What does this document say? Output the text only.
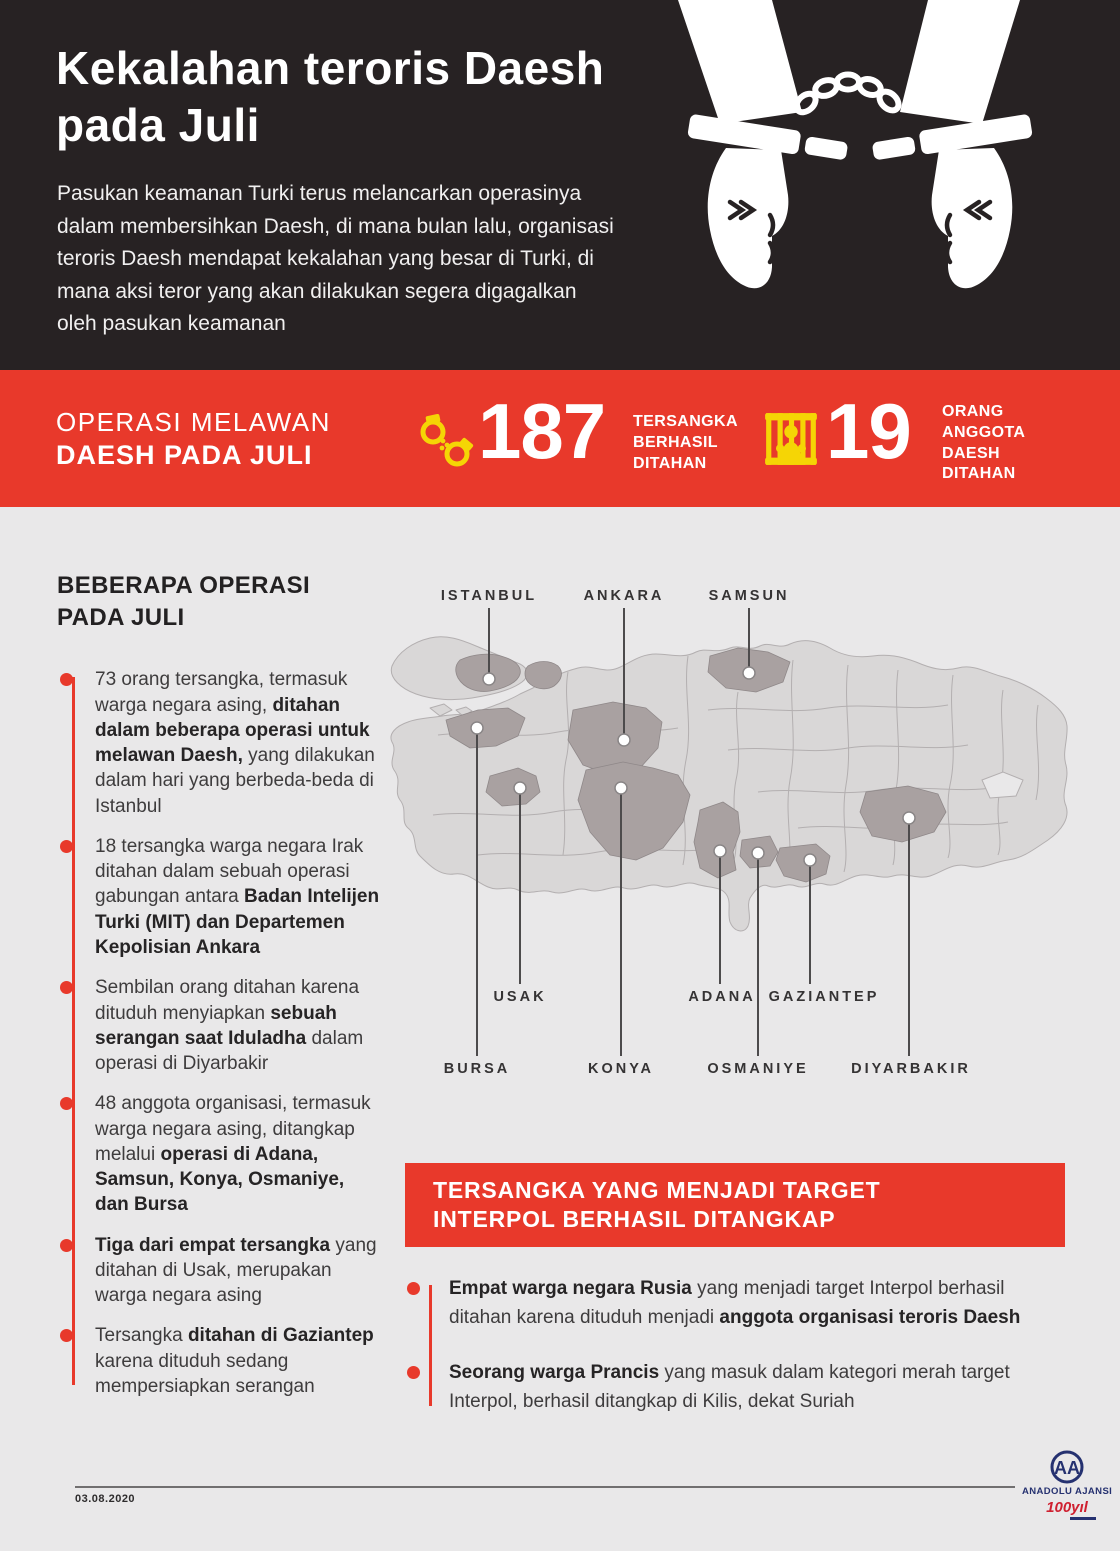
Kekalahan teroris Daesh
pada Juli
Pasukan keamanan Turki terus melancarkan operasinya dalam membersihkan Daesh, di mana bulan lalu, organisasi teroris Daesh mendapat kekalahan yang besar di Turki, di mana aksi teror yang akan dilakukan segera digagalkan oleh pasukan keamanan
OPERASI MELAWAN
DAESH PADA JULI 187 TERSANGKA BERHASIL DITAHAN	19 ORANG ANGGOTA DAESH DITAHAN
BEBERAPA OPERASI PADA JULI

73 orang tersangka, termasuk warga negara asing, ditahan dalam beberapa operasi untuk melawan Daesh, yang dilakukan dalam hari yang berbeda-beda di Istanbul

18 tersangka warga negara Irak ditahan dalam sebuah operasi gabungan antara Badan Intelijen Turki (MIT) dan Departemen Kepolisian Ankara

Sembilan orang ditahan karena dituduh menyiapkan sebuah serangan saat Iduladha dalam operasi di Diyarbakir

48 anggota organisasi, termasuk warga negara asing, ditangkap melalui operasi di Adana, Samsun, Konya, Osmaniye, dan Bursa

Tiga dari empat tersangka yang ditahan di Usak, merupakan warga negara asing

Tersangka ditahan di Gaziantep karena dituduh sedang mempersiapkan serangan

ISTANBUL	ANKARA	SAMSUN
USAK	ADANA GAZIANTEP
BURSA	KONYA	OSMANIYE	DIYARBAKIR
TERSANGKA YANG MENJADI TARGET
INTERPOL BERHASIL DITANGKAP

Empat warga negara Rusia yang menjadi target Interpol berhasil ditahan karena dituduh menjadi anggota organisasi teroris Daesh

Seorang warga Prancis yang masuk dalam kategori merah target Interpol, berhasil ditangkap di Kilis, dekat Suriah

03.08.2020
AA
ANADOLU AJANSI
100yıl
